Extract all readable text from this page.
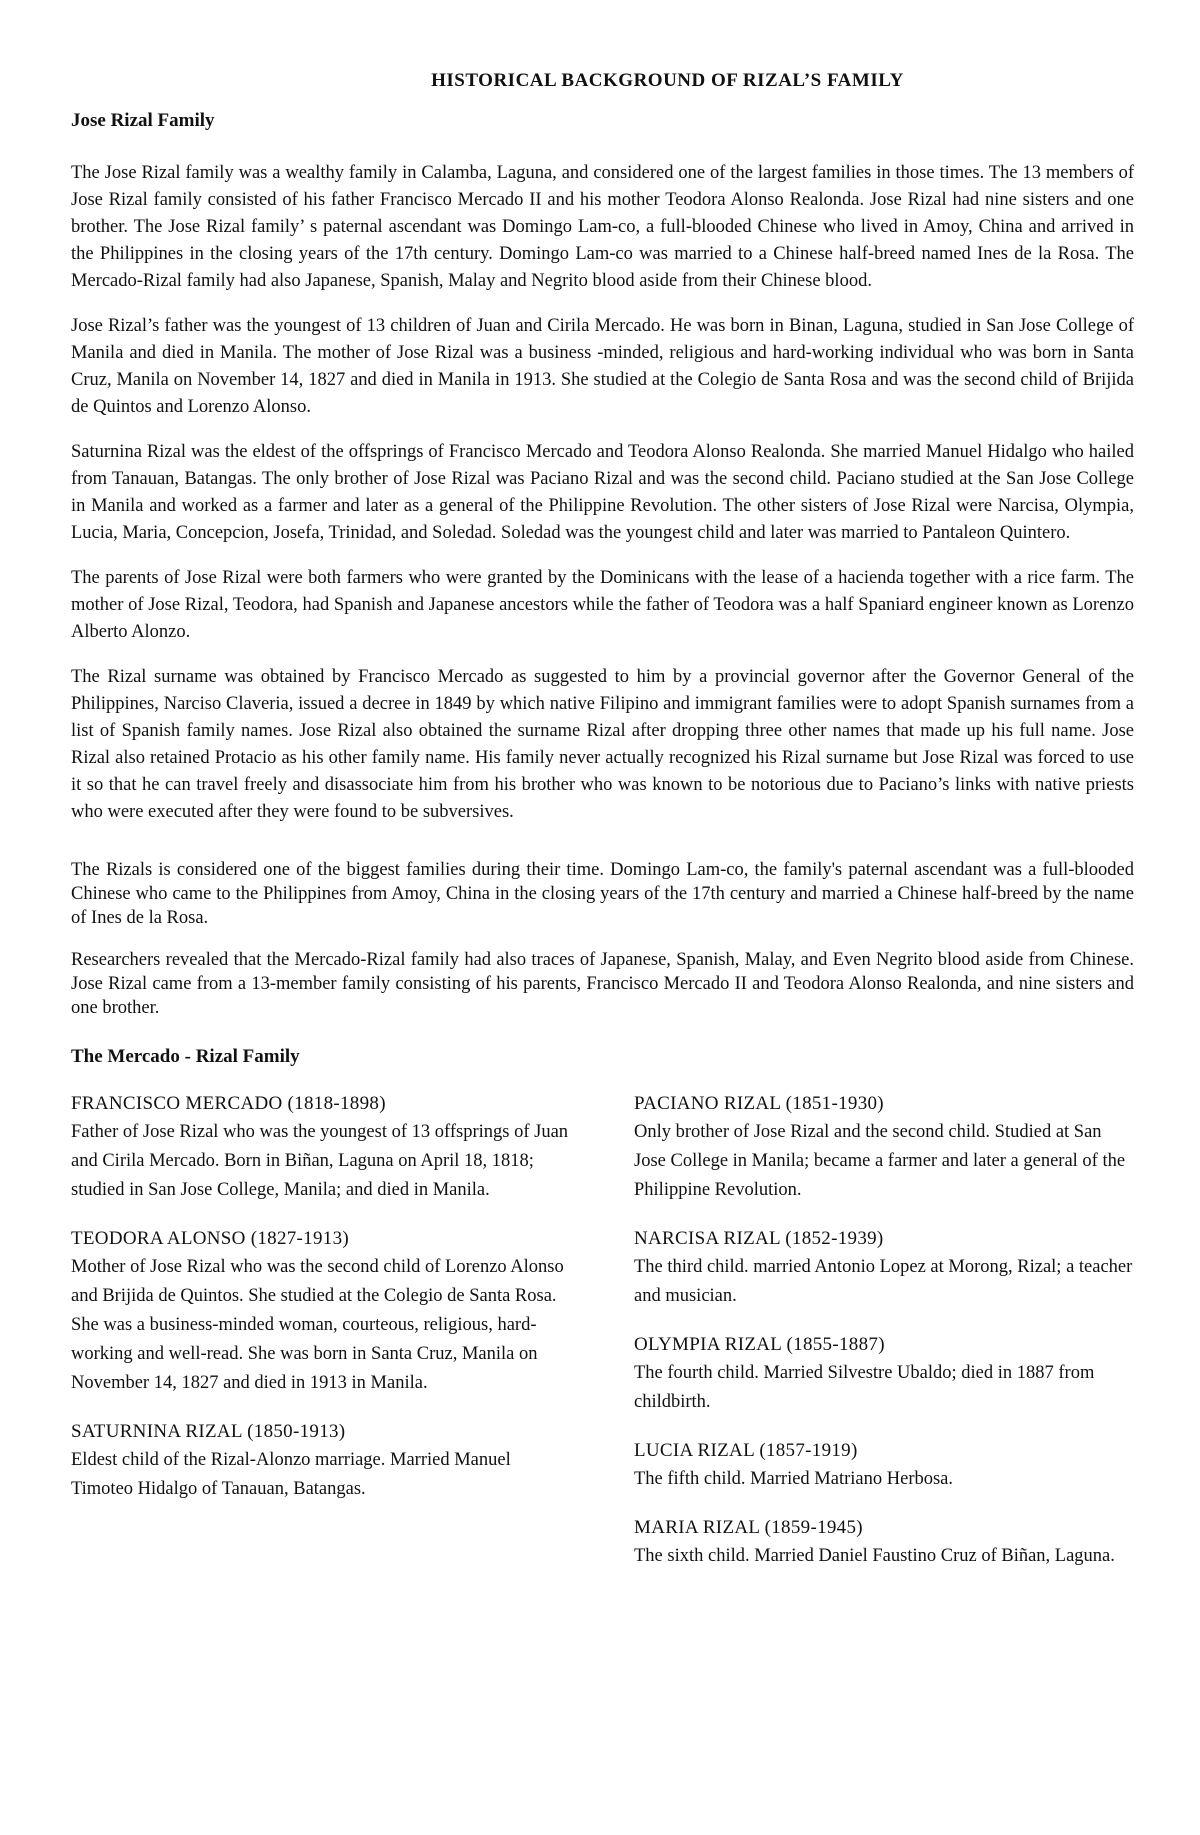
HISTORICAL BACKGROUND OF RIZAL’S FAMILY
Jose Rizal Family

The Jose Rizal family was a wealthy family in Calamba, Laguna, and considered one of the largest families in those times. The 13 members of Jose Rizal family consisted of his father Francisco Mercado II and his mother Teodora Alonso Realonda. Jose Rizal had nine sisters and one brother. The Jose Rizal family’ s paternal ascendant was Domingo Lam-co, a full-blooded Chinese who lived in Amoy, China and arrived in the Philippines in the closing years of the 17th century. Domingo Lam-co was married to a Chinese half-breed named Ines de la Rosa. The Mercado-Rizal family had also Japanese, Spanish, Malay and Negrito blood aside from their Chinese blood.

Jose Rizal’s father was the youngest of 13 children of Juan and Cirila Mercado. He was born in Binan, Laguna, studied in San Jose College of Manila and died in Manila. The mother of Jose Rizal was a business -minded, religious and hard-working individual who was born in Santa Cruz, Manila on November 14, 1827 and died in Manila in 1913. She studied at the Colegio de Santa Rosa and was the second child of Brijida de Quintos and Lorenzo Alonso.

Saturnina Rizal was the eldest of the offsprings of Francisco Mercado and Teodora Alonso Realonda. She married Manuel Hidalgo who hailed from Tanauan, Batangas. The only brother of Jose Rizal was Paciano Rizal and was the second child. Paciano studied at the San Jose College in Manila and worked as a farmer and later as a general of the Philippine Revolution. The other sisters of Jose Rizal were Narcisa, Olympia, Lucia, Maria, Concepcion, Josefa, Trinidad, and Soledad. Soledad was the youngest child and later was married to Pantaleon Quintero.

The parents of Jose Rizal were both farmers who were granted by the Dominicans with the lease of a hacienda together with a rice farm. The mother of Jose Rizal, Teodora, had Spanish and Japanese ancestors while the father of Teodora was a half Spaniard engineer known as Lorenzo Alberto Alonzo.

The Rizal surname was obtained by Francisco Mercado as suggested to him by a provincial governor after the Governor General of the Philippines, Narciso Claveria, issued a decree in 1849 by which native Filipino and immigrant families were to adopt Spanish surnames from a list of Spanish family names. Jose Rizal also obtained the surname Rizal after dropping three other names that made up his full name. Jose Rizal also retained Protacio as his other family name. His family never actually recognized his Rizal surname but Jose Rizal was forced to use it so that he can travel freely and disassociate him from his brother who was known to be notorious due to Paciano’s links with native priests who were executed after they were found to be subversives.

The Rizals is considered one of the biggest families during their time. Domingo Lam-co, the family's paternal ascendant was a full-blooded Chinese who came to the Philippines from Amoy, China in the closing years of the 17th century and married a Chinese half-breed by the name of Ines de la Rosa.

Researchers revealed that the Mercado-Rizal family had also traces of Japanese, Spanish, Malay, and Even Negrito blood aside from Chinese. Jose Rizal came from a 13-member family consisting of his parents, Francisco Mercado II and Teodora Alonso Realonda, and nine sisters and one brother.

The Mercado - Rizal Family
FRANCISCO MERCADO (1818-1898)
Father of Jose Rizal who was the youngest of 13 offsprings of Juan and Cirila Mercado. Born in Biñan, Laguna on April 18, 1818; studied in San Jose College, Manila; and died in Manila.
TEODORA ALONSO (1827-1913)
Mother of Jose Rizal who was the second child of Lorenzo Alonso and Brijida de Quintos. She studied at the Colegio de Santa Rosa. She was a business-minded woman, courteous, religious, hard-working and well-read. She was born in Santa Cruz, Manila on November 14, 1827 and died in 1913 in Manila.
SATURNINA RIZAL (1850-1913)
Eldest child of the Rizal-Alonzo marriage. Married Manuel Timoteo Hidalgo of Tanauan, Batangas.
PACIANO RIZAL (1851-1930)
Only brother of Jose Rizal and the second child. Studied at San Jose College in Manila; became a farmer and later a general of the Philippine Revolution.
NARCISA RIZAL (1852-1939)
The third child. married Antonio Lopez at Morong, Rizal; a teacher and musician.
OLYMPIA RIZAL (1855-1887)
The fourth child. Married Silvestre Ubaldo; died in 1887 from childbirth.
LUCIA RIZAL (1857-1919)
The fifth child. Married Matriano Herbosa.
MARIA RIZAL (1859-1945)
The sixth child. Married Daniel Faustino Cruz of Biñan, Laguna.
